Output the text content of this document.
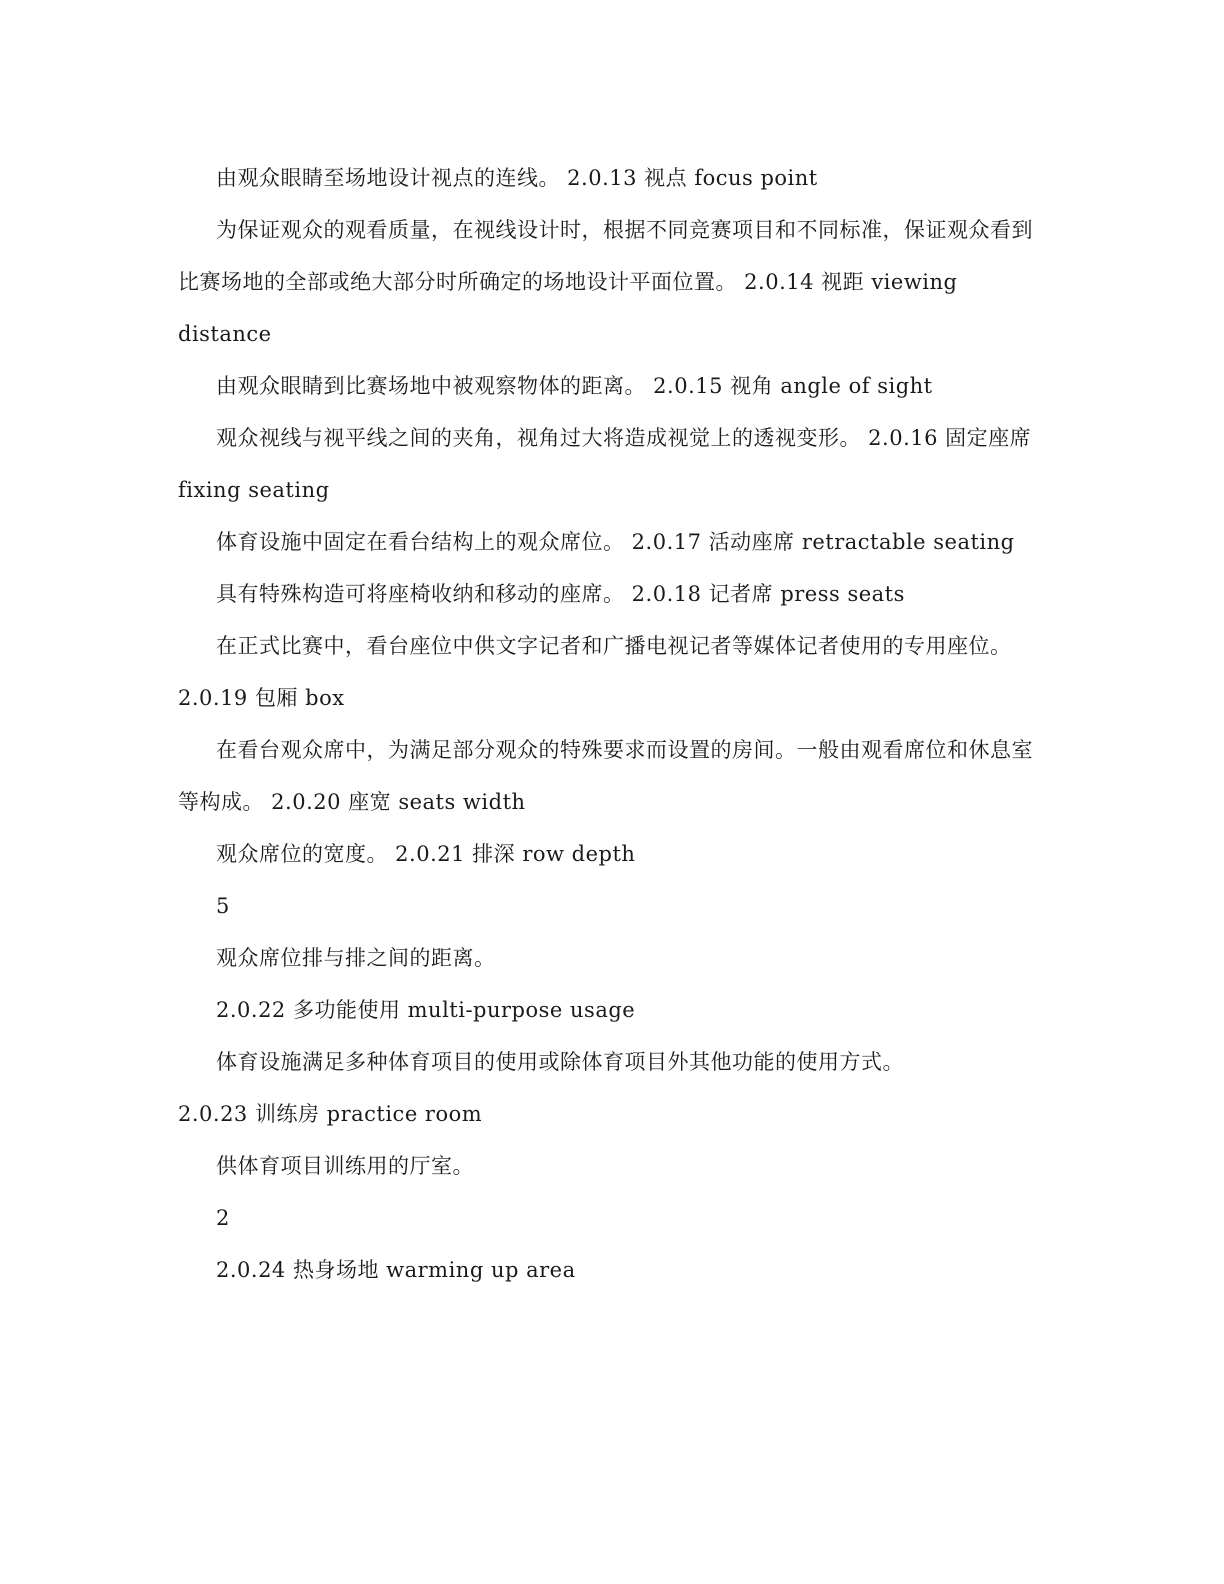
由观众眼睛至场地设计视点的连线。 2.0.13 视点 focus point

为保证观众的观看质量，在视线设计时，根据不同竞赛项目和不同标准，保证观众看到比赛场地的全部或绝大部分时所确定的场地设计平面位置。 2.0.14 视距 viewing distance

由观众眼睛到比赛场地中被观察物体的距离。 2.0.15 视角 angle of sight

观众视线与视平线之间的夹角，视角过大将造成视觉上的透视变形。 2.0.16 固定座席 fixing seating

体育设施中固定在看台结构上的观众席位。 2.0.17 活动座席 retractable seating

具有特殊构造可将座椅收纳和移动的座席。 2.0.18 记者席 press seats

在正式比赛中，看台座位中供文字记者和广播电视记者等媒体记者使用的专用座位。 2.0.19 包厢 box

在看台观众席中，为满足部分观众的特殊要求而设置的房间。一般由观看席位和休息室等构成。 2.0.20 座宽 seats width

观众席位的宽度。 2.0.21 排深 row depth

5

观众席位排与排之间的距离。

2.0.22 多功能使用 multi-purpose usage

体育设施满足多种体育项目的使用或除体育项目外其他功能的使用方式。

2.0.23 训练房 practice room

供体育项目训练用的厅室。

2

2.0.24 热身场地 warming up area
